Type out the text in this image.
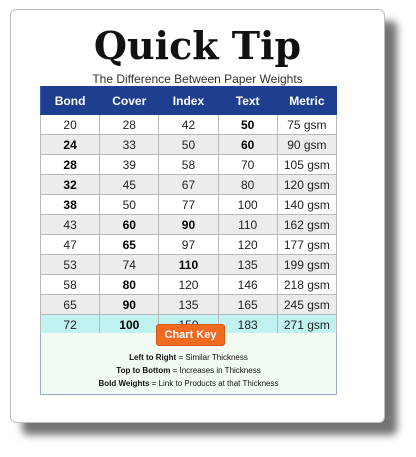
Quick Tip
The Difference Between Paper Weights
Bond	Cover	Index	Text	Metric
20	28	42	50	75 gsm
24	33	50	60	90 gsm
28	39	58	70	105 gsm
32	45	67	80	120 gsm
38	50	77	100	140 gsm
43	60	90	110	162 gsm
47	65	97	120	177 gsm
53	74	110	135	199 gsm
58	80	120	146	218 gsm
65	90	135	165	245 gsm
72	100		183	271 gsm
Chart Key
Left to Right = Similar Thickness
Top to Bottom = Increases in Thickness
Bold Weights = Link to Products at that Thickness
